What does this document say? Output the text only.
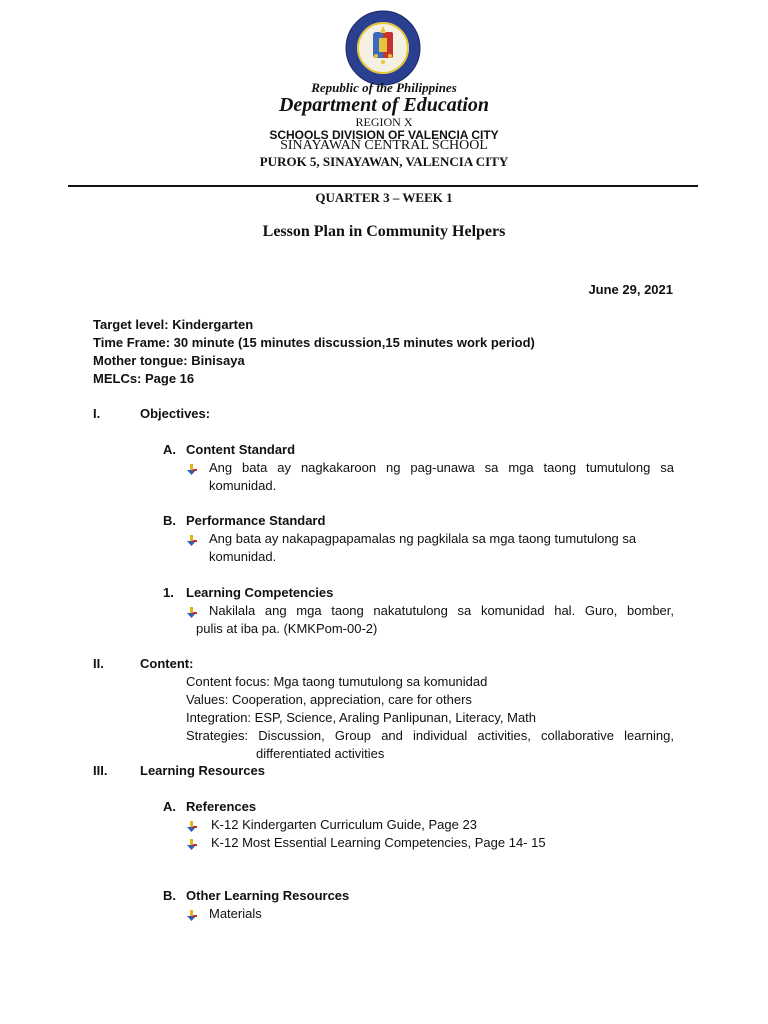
Republic of the Philippines
Department of Education
REGION X
SCHOOLS DIVISION OF VALENCIA CITY
SINAYAWAN CENTRAL SCHOOL
PUROK 5, SINAYAWAN, VALENCIA CITY
QUARTER 3 – WEEK 1
Lesson Plan in Community Helpers
June 29, 2021
Target level: Kindergarten
Time Frame: 30 minute (15 minutes discussion,15 minutes work period)
Mother tongue: Binisaya
MELCs: Page 16
I.	Objectives:
A. Content Standard
Ang bata ay nagkakaroon ng pag-unawa sa mga taong tumutulong sa
komunidad.
B. Performance Standard
Ang bata ay nakapagpapamalas ng pagkilala sa mga taong tumutulong sa
komunidad.
1. Learning Competencies
Nakilala ang mga taong nakatutulong sa komunidad hal. Guro, bomber,
pulis at iba pa. (KMKPom-00-2)
II.	Content:
Content focus: Mga taong tumutulong sa komunidad
Values: Cooperation, appreciation, care for others
Integration: ESP, Science, Araling Panlipunan, Literacy, Math
Strategies: Discussion, Group and individual activities, collaborative learning,
differentiated activities
III.	Learning Resources
A. References
K-12 Kindergarten Curriculum Guide, Page 23
K-12 Most Essential Learning Competencies, Page 14- 15
B. Other Learning Resources
Materials
